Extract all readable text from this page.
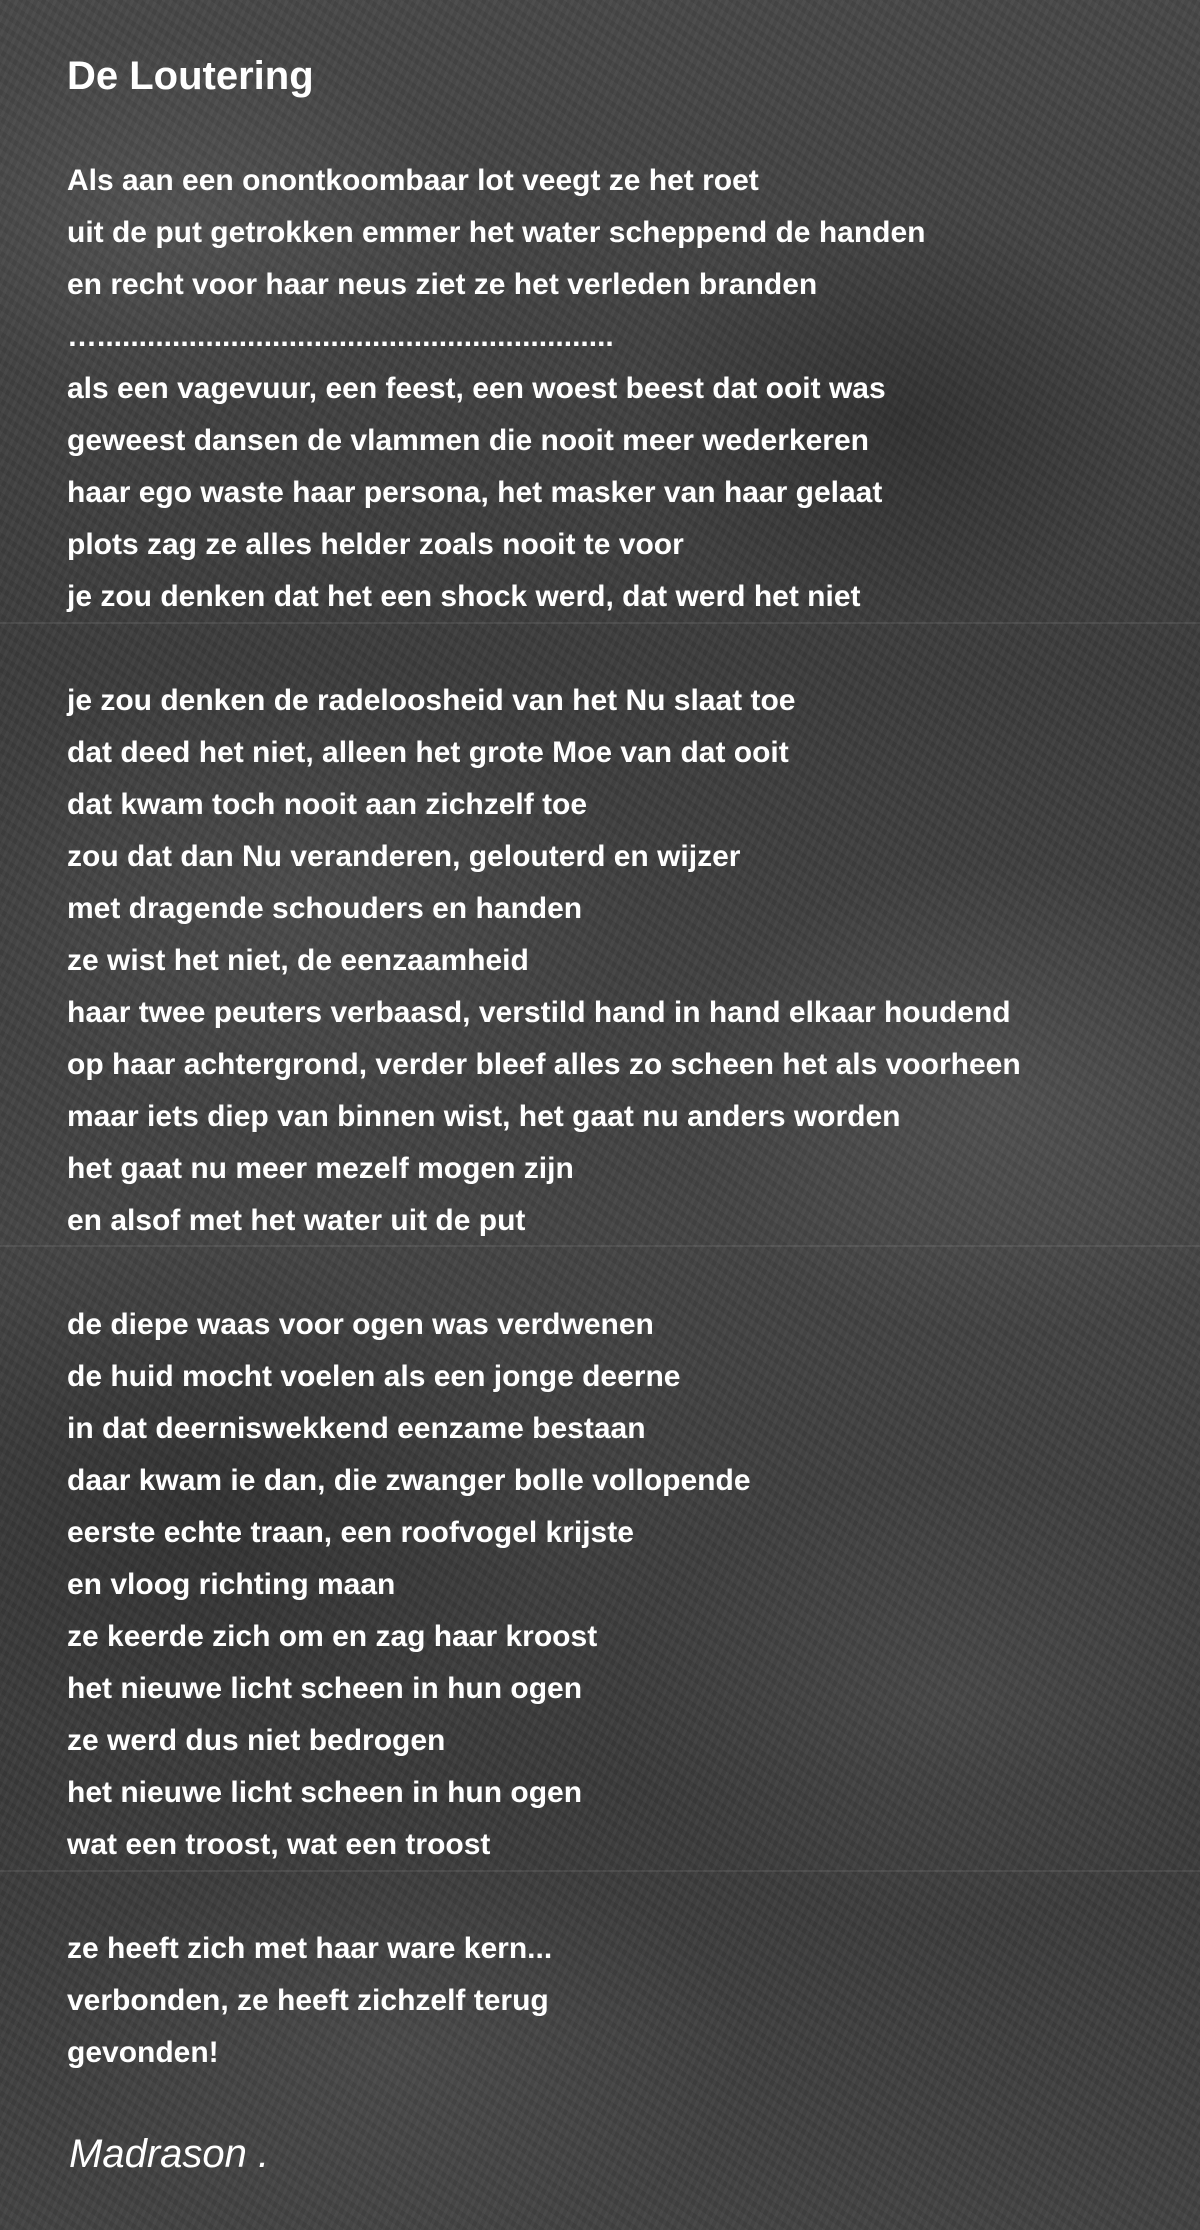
De Loutering
Als aan een onontkoombaar lot veegt ze het roet
uit de put getrokken emmer het water scheppend de handen
en recht voor haar neus ziet ze het verleden branden
…..............................................................
als een vagevuur, een feest, een woest beest dat ooit was
geweest dansen de vlammen die nooit meer wederkeren
haar ego waste haar persona, het masker van haar gelaat
plots zag ze alles helder zoals nooit te voor
je zou denken dat het een shock werd, dat werd het niet
je zou denken de radeloosheid van het Nu slaat toe
dat deed het niet, alleen het grote Moe van dat ooit
dat kwam toch nooit aan zichzelf toe
zou dat dan Nu veranderen, gelouterd en wijzer
met dragende schouders en handen
ze wist het niet, de eenzaamheid
haar twee peuters verbaasd, verstild hand in hand elkaar houdend
op haar achtergrond, verder bleef alles zo scheen het als voorheen
maar iets diep van binnen wist, het gaat nu anders worden
het gaat nu meer mezelf mogen zijn
en alsof met het water uit de put
de diepe waas voor ogen was verdwenen
de huid mocht voelen als een jonge deerne
in dat deerniswekkend eenzame bestaan
daar kwam ie dan, die zwanger bolle vollopende
eerste echte traan, een roofvogel krijste
en vloog richting maan
ze keerde zich om en zag haar kroost
het nieuwe licht scheen in hun ogen
ze werd dus niet bedrogen
het nieuwe licht scheen in hun ogen
wat een troost, wat een troost
ze heeft zich met haar ware kern...
verbonden, ze heeft zichzelf terug
gevonden!

Madrason .
